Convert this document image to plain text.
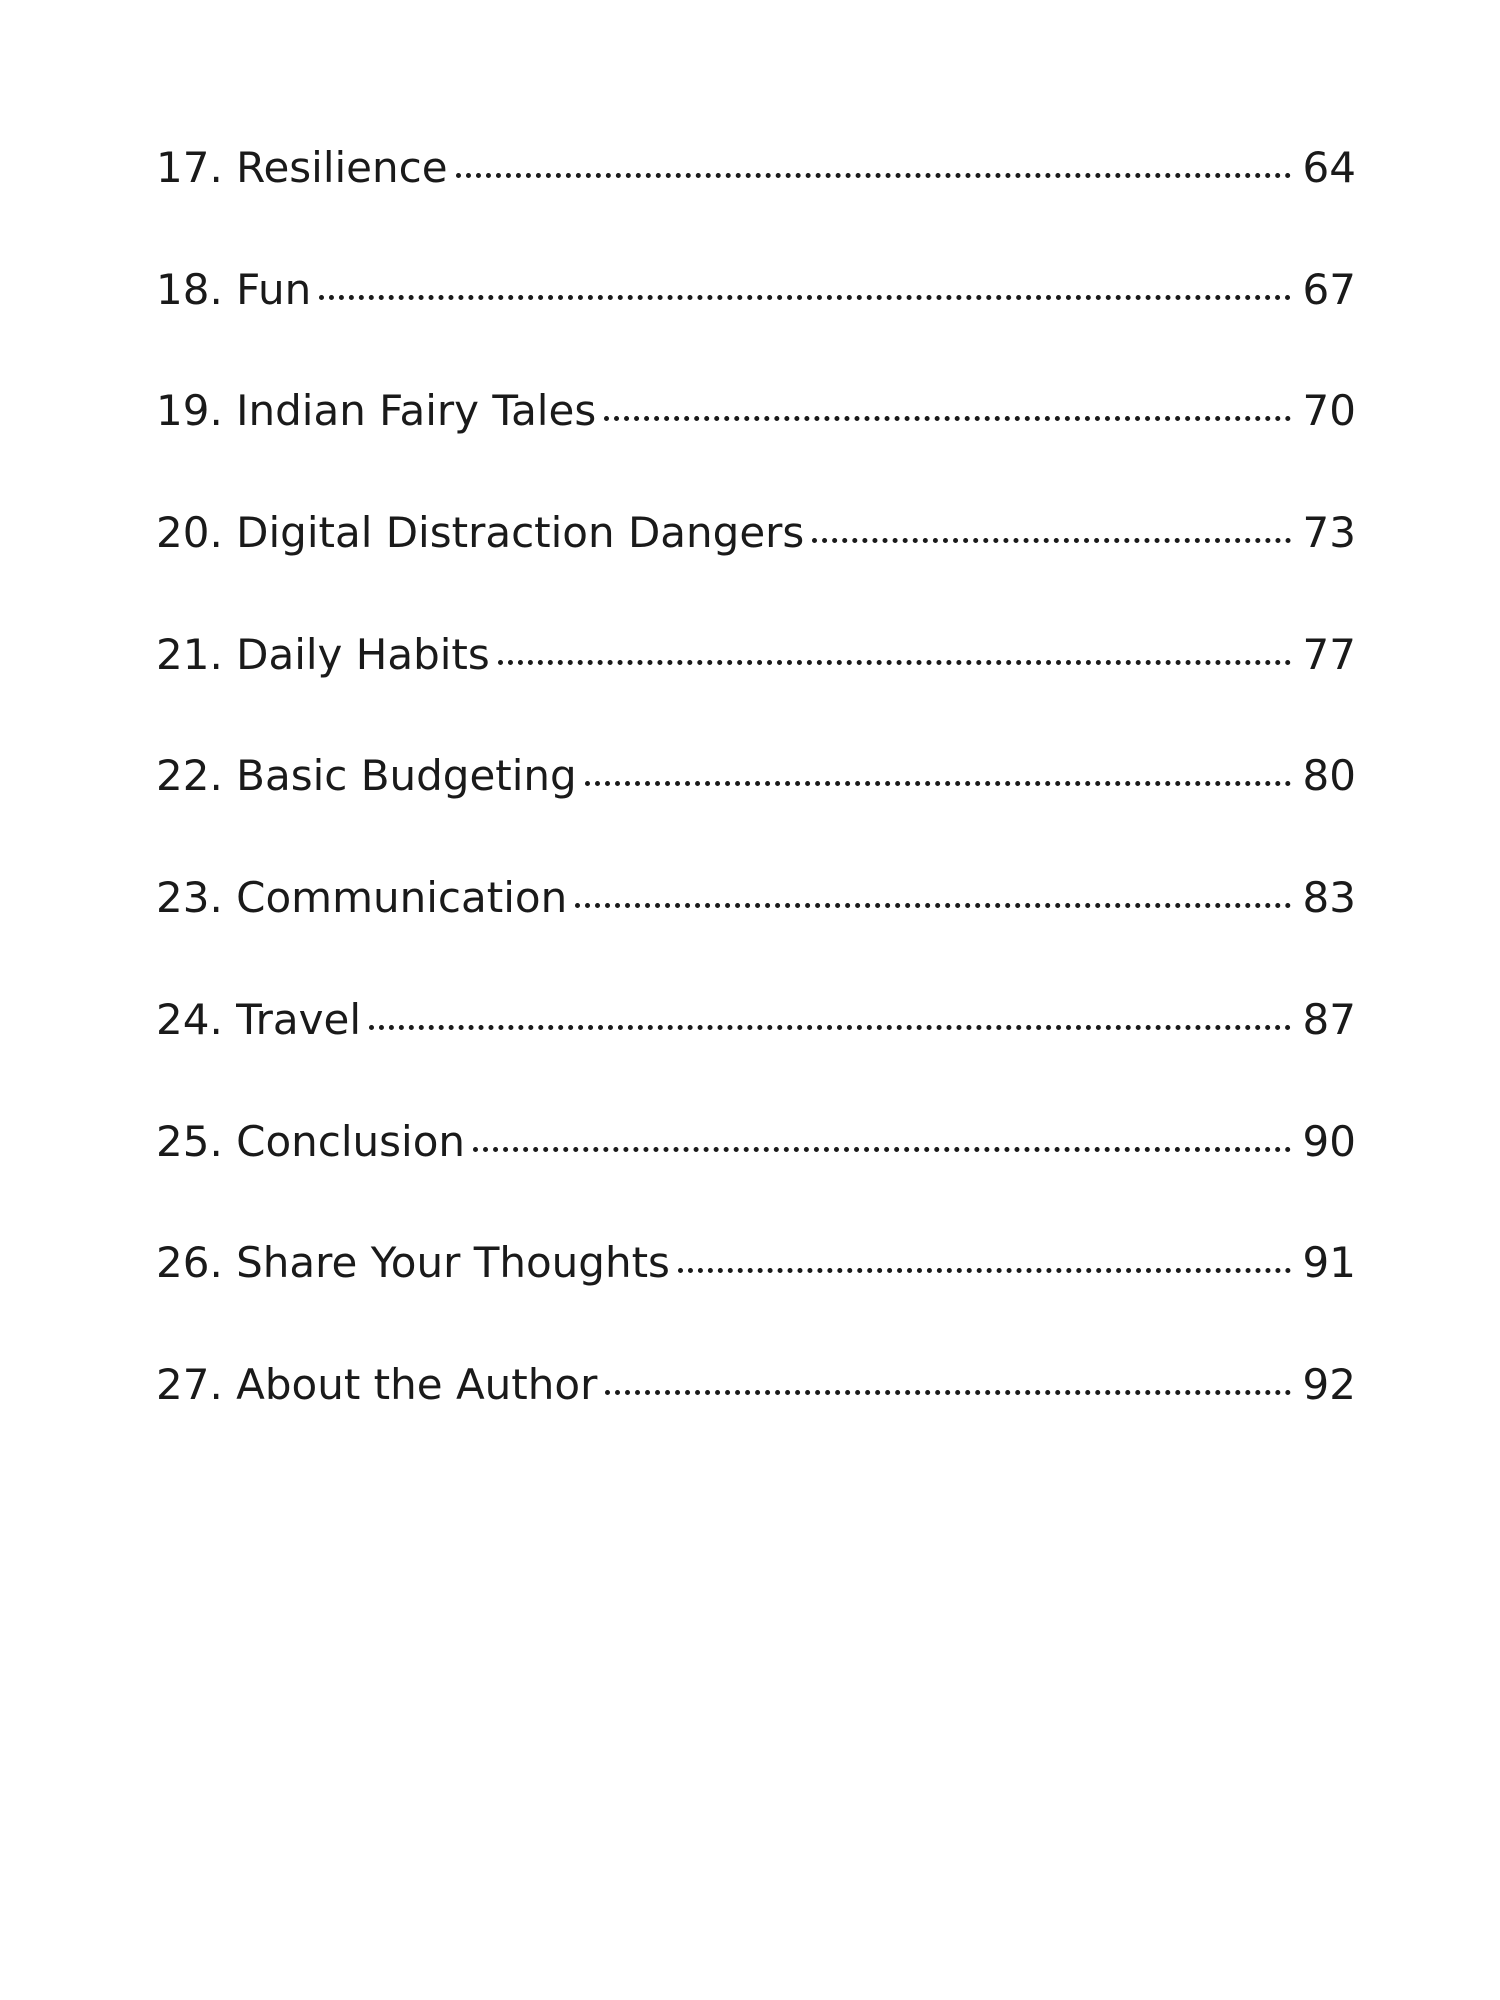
17. Resilience	64
18. Fun	67
19. Indian Fairy Tales	70
20. Digital Distraction Dangers	73
21. Daily Habits	77
22. Basic Budgeting	80
23. Communication	83
24. Travel	87
25. Conclusion	90
26. Share Your Thoughts	91
27. About the Author	92
